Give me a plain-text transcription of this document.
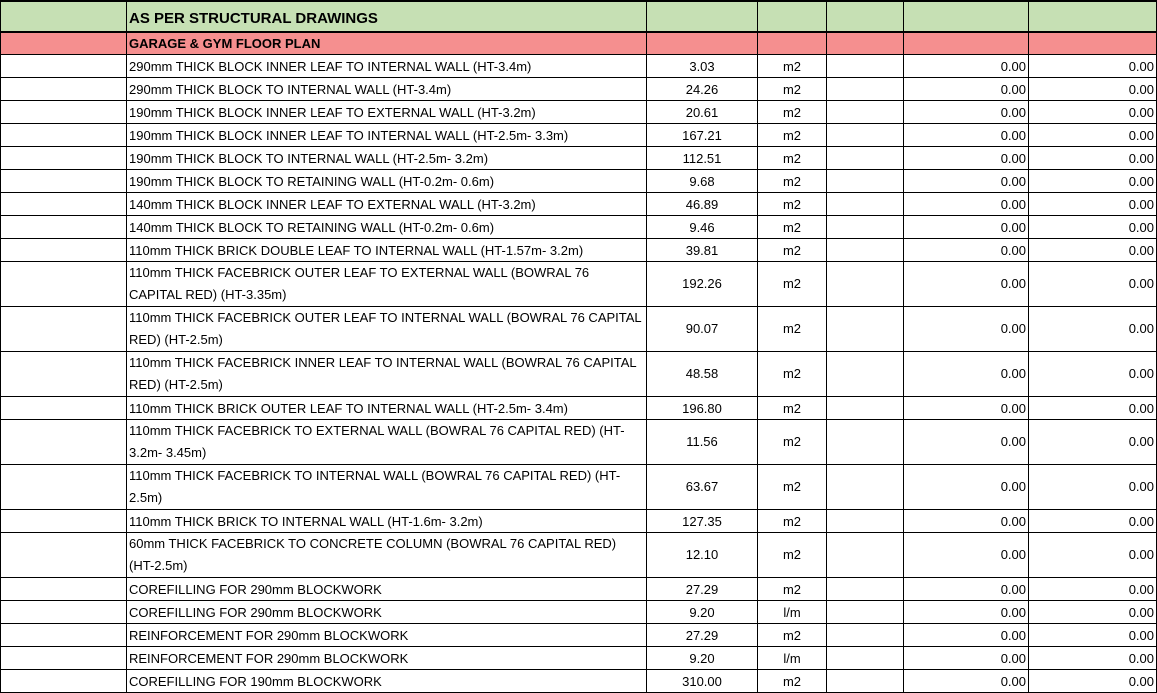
	AS PER STRUCTURAL DRAWINGS					
	GARAGE & GYM FLOOR PLAN					
	290mm THICK BLOCK INNER LEAF TO INTERNAL WALL (HT-3.4m)	3.03	m2		0.00	0.00
	290mm THICK BLOCK TO INTERNAL WALL (HT-3.4m)	24.26	m2		0.00	0.00
	190mm THICK BLOCK INNER LEAF TO EXTERNAL WALL (HT-3.2m)	20.61	m2		0.00	0.00
	190mm THICK BLOCK INNER LEAF TO INTERNAL WALL (HT-2.5m- 3.3m)	167.21	m2		0.00	0.00
	190mm THICK BLOCK TO INTERNAL WALL (HT-2.5m- 3.2m)	112.51	m2		0.00	0.00
	190mm THICK BLOCK TO RETAINING WALL (HT-0.2m- 0.6m)	9.68	m2		0.00	0.00
	140mm THICK BLOCK INNER LEAF TO EXTERNAL WALL (HT-3.2m)	46.89	m2		0.00	0.00
	140mm THICK BLOCK TO RETAINING WALL (HT-0.2m- 0.6m)	9.46	m2		0.00	0.00
	110mm THICK BRICK DOUBLE LEAF TO INTERNAL WALL (HT-1.57m- 3.2m)	39.81	m2		0.00	0.00
	110mm THICK FACEBRICK OUTER LEAF TO EXTERNAL WALL (BOWRAL 76 CAPITAL RED) (HT-3.35m)	192.26	m2		0.00	0.00
	110mm THICK FACEBRICK OUTER LEAF TO INTERNAL WALL (BOWRAL 76 CAPITAL RED) (HT-2.5m)	90.07	m2		0.00	0.00
	110mm THICK FACEBRICK INNER LEAF TO INTERNAL WALL (BOWRAL 76 CAPITAL RED) (HT-2.5m)	48.58	m2		0.00	0.00
	110mm THICK BRICK OUTER LEAF TO INTERNAL WALL (HT-2.5m- 3.4m)	196.80	m2		0.00	0.00
	110mm THICK FACEBRICK TO EXTERNAL WALL (BOWRAL 76 CAPITAL RED) (HT-3.2m- 3.45m)	11.56	m2		0.00	0.00
	110mm THICK FACEBRICK TO INTERNAL WALL (BOWRAL 76 CAPITAL RED) (HT-2.5m)	63.67	m2		0.00	0.00
	110mm THICK BRICK TO INTERNAL WALL (HT-1.6m- 3.2m)	127.35	m2		0.00	0.00
	60mm THICK FACEBRICK TO CONCRETE COLUMN (BOWRAL 76 CAPITAL RED) (HT-2.5m)	12.10	m2		0.00	0.00
	COREFILLING FOR 290mm BLOCKWORK	27.29	m2		0.00	0.00
	COREFILLING FOR 290mm BLOCKWORK	9.20	l/m		0.00	0.00
	REINFORCEMENT FOR 290mm BLOCKWORK	27.29	m2		0.00	0.00
	REINFORCEMENT FOR 290mm BLOCKWORK	9.20	l/m		0.00	0.00
	COREFILLING FOR 190mm BLOCKWORK	310.00	m2		0.00	0.00
